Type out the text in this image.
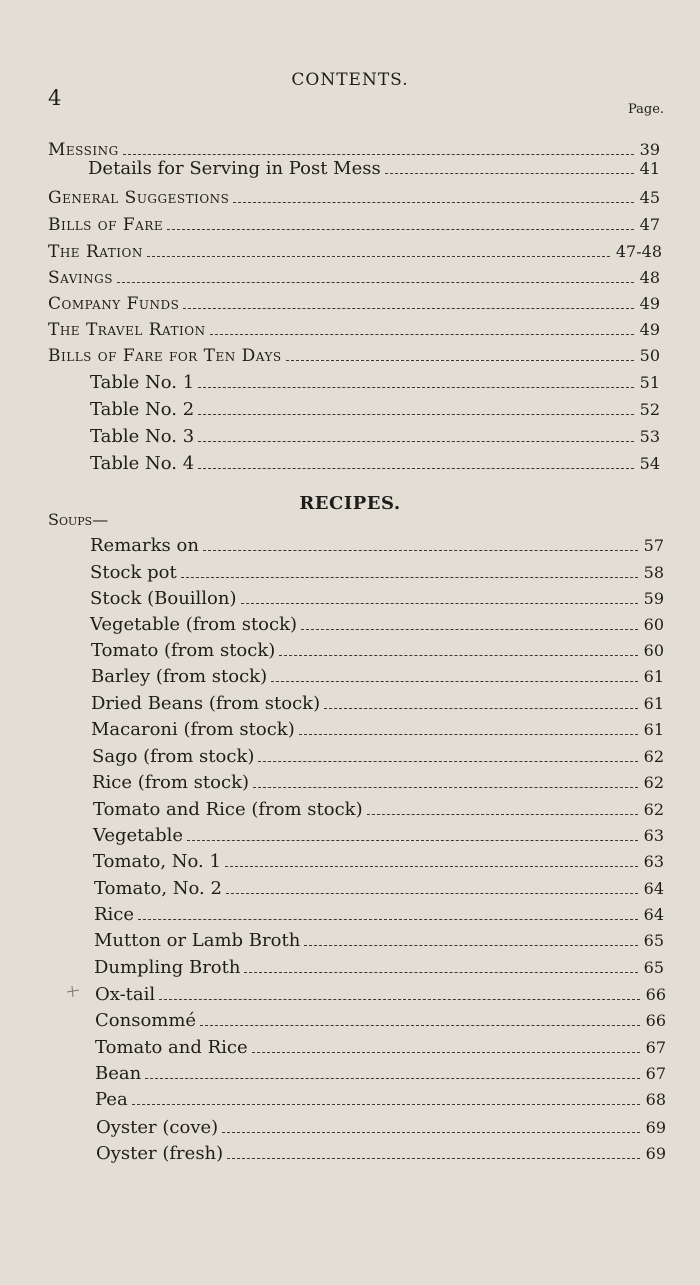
4
CONTENTS.
Page.
Messing	39
Details for Serving in Post Mess	41
General Suggestions	45
Bills of Fare	47
The Ration	47-48
Savings	48
Company Funds	49
The Travel Ration	49
Bills of Fare for Ten Days	50
Table No. 1	51
Table No. 2	52
Table No. 3	53
Table No. 4	54
RECIPES.
Soups—
Remarks on	57
Stock pot	58
Stock (Bouillon)	59
Vegetable (from stock)	60
Tomato (from stock)	60
Barley (from stock)	61
Dried Beans (from stock)	61
Macaroni (from stock)	61
Sago (from stock)	62
Rice (from stock)	62
Tomato and Rice (from stock)	62
Vegetable	63
Tomato, No. 1	63
Tomato, No. 2	64
Rice	64
Mutton or Lamb Broth	65
Dumpling Broth	65
Ox-tail	66
Consommé	66
Tomato and Rice	67
Bean	67
Pea	68
Oyster (cove)	69
Oyster (fresh)	69
